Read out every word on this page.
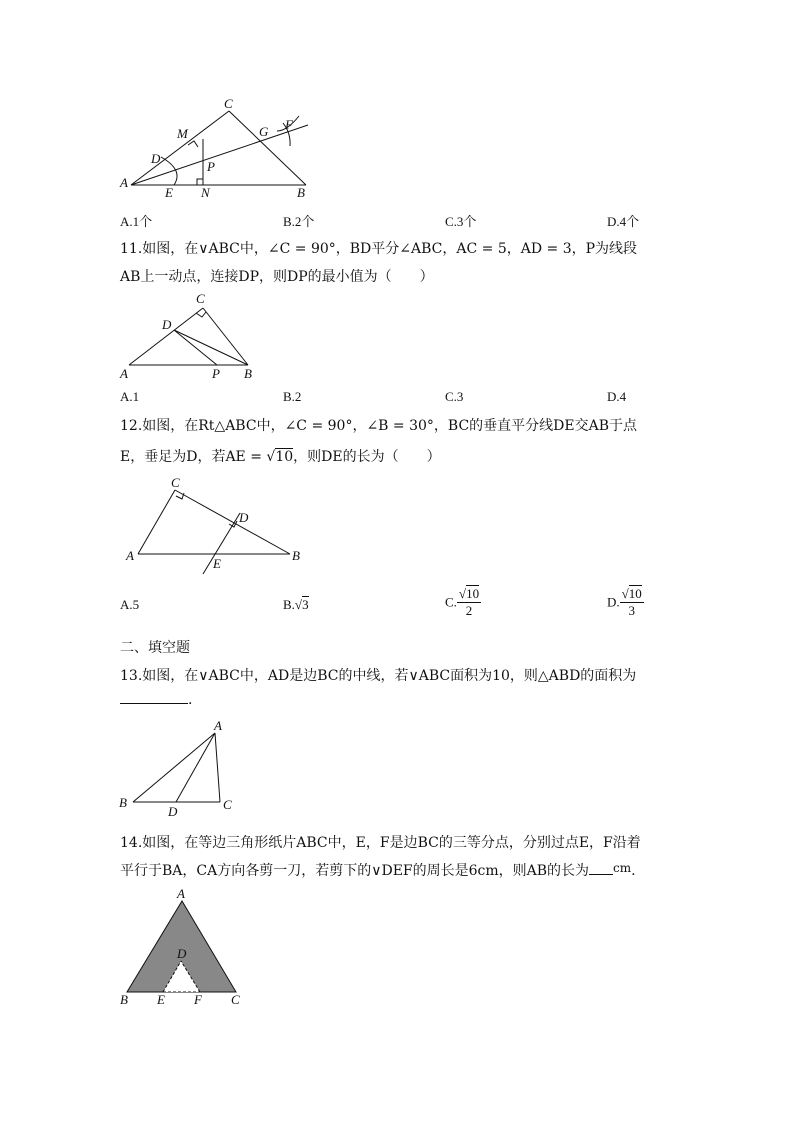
A
B
C
D
E
F
G
M
N
P
A.1个	B.2个	C.3个	D.4个
11.如图，在∨ABC中，∠C = 90°，BD平分∠ABC，AC = 5，AD = 3，P为线段
AB上一动点，连接DP，则DP的最小值为（　　）
A	B
C
D
P
A.1	B.2	C.3	D.4
12.如图，在Rt△ABC中，∠C = 90°，∠B = 30°，BC的垂直平分线DE交AB于点
E，垂足为D，若AE = √10，则DE的长为（　　）
A	B
C
D
E
A.5	B.√3	C. $\frac{√10}{2}$	D. $\frac{√10}{3}$
二、填空题
13.如图，在∨ABC中，AD是边BC的中线，若∨ABC面积为10，则△ABD的面积为
.
B	C
A
D
14.如图，在等边三角形纸片ABC中，E，F是边BC的三等分点，分别过点E，F沿着
平行于BA，CA方向各剪一刀，若剪下的∨DEF的周长是6cm，则AB的长为 cm.
A
B	C
D
E F
